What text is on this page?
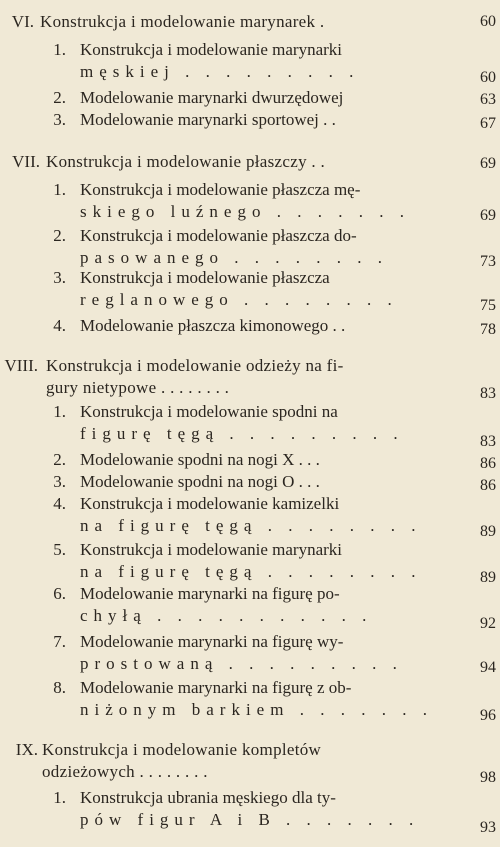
VI. Konstrukcja i modelowanie marynarek .	60
1. Konstrukcja i modelowanie marynarki
męskiej . . . . . . . . .	60
2. Modelowanie marynarki dwurzędowej	63
3. Modelowanie marynarki sportowej . .	67
VII. Konstrukcja i modelowanie płaszczy . .	69
1. Konstrukcja i modelowanie płaszcza mę-
skiego luźnego . . . . . . .	69
2. Konstrukcja i modelowanie płaszcza do-
pasowanego . . . . . . . .	73
3. Konstrukcja i modelowanie płaszcza
reglanowego . . . . . . . .	75
4. Modelowanie płaszcza kimonowego . .	78
VIII. Konstrukcja i modelowanie odzieży na fi-
gury nietypowe . . . . . . . .	83
1. Konstrukcja i modelowanie spodni na
figurę tęgą . . . . . . . . .	83
2. Modelowanie spodni na nogi X . . .	86
3. Modelowanie spodni na nogi O . . .	86
4. Konstrukcja i modelowanie kamizelki
na figurę tęgą . . . . . . . .	89
5. Konstrukcja i modelowanie marynarki
na figurę tęgą . . . . . . . .	89
6. Modelowanie marynarki na figurę po-
chyłą . . . . . . . . . . .	92
7. Modelowanie marynarki na figurę wy-
prostowaną . . . . . . . . .	94
8. Modelowanie marynarki na figurę z ob-
niżonym barkiem . . . . . . .	96
IX. Konstrukcja i modelowanie kompletów
odzieżowych . . . . . . . .	98
1. Konstrukcja ubrania męskiego dla ty-
pów figur A i B . . . . . . .	93
